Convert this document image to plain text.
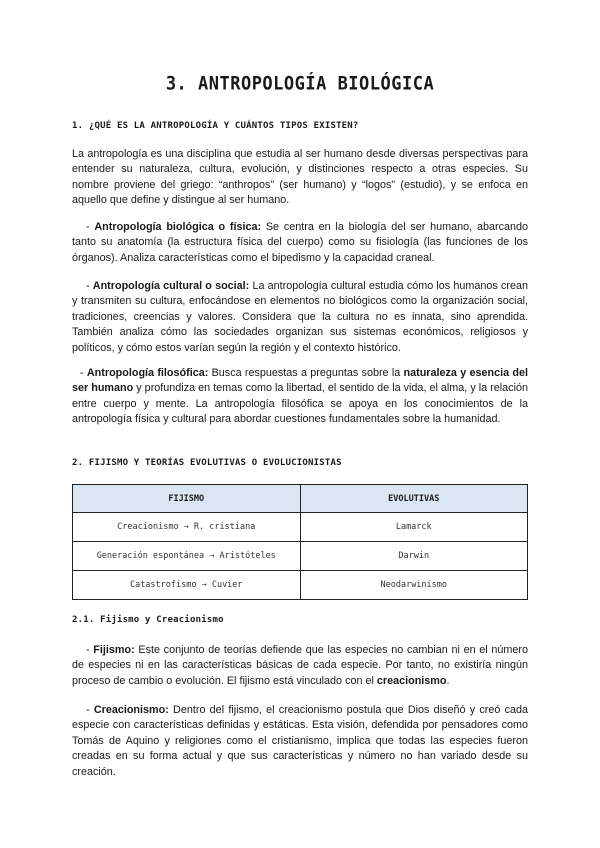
3. ANTROPOLOGÍA BIOLÓGICA
1. ¿QUÉ ES LA ANTROPOLOGÍA Y CUÁNTOS TIPOS EXISTEN?

La antropología es una disciplina que estudia al ser humano desde diversas perspectivas para entender su naturaleza, cultura, evolución, y distinciones respecto a otras especies. Su nombre proviene del griego: “anthropos” (ser humano) y “logos” (estudio), y se enfoca en aquello que define y distingue al ser humano.

- Antropología biológica o física: Se centra en la biología del ser humano, abarcando tanto su anatomía (la estructura física del cuerpo) como su fisiología (las funciones de los órganos). Analiza características como el bipedismo y la capacidad craneal.

- Antropología cultural o social: La antropología cultural estudia cómo los humanos crean y transmiten su cultura, enfocándose en elementos no biológicos como la organización social, tradiciones, creencias y valores. Considera que la cultura no es innata, sino aprendida. También analiza cómo las sociedades organizan sus sistemas económicos, religiosos y políticos, y cómo estos varían según la región y el contexto histórico.

- Antropología filosófica: Busca respuestas a preguntas sobre la naturaleza y esencia del ser humano y profundiza en temas como la libertad, el sentido de la vida, el alma, y la relación entre cuerpo y mente. La antropología filosófica se apoya en los conocimientos de la antropología física y cultural para abordar cuestiones fundamentales sobre la humanidad.

2. FIJISMO Y TEORÍAS EVOLUTIVAS O EVOLUCIONISTAS
FIJISMO	EVOLUTIVAS
Creacionismo → R. cristiana	Lamarck
Generación espontánea → Aristóteles	Darwin
Catastrofismo → Cuvier	Neodarwinismo
2.1. Fijismo y Creacionismo

- Fijismo: Este conjunto de teorías defiende que las especies no cambian ni en el número de especies ni en las características básicas de cada especie. Por tanto, no existiría ningún proceso de cambio o evolución. El fijismo está vinculado con el creacionismo.

- Creacionismo: Dentro del fijismo, el creacionismo postula que Dios diseñó y creó cada especie con características definidas y estáticas. Esta visión, defendida por pensadores como Tomás de Aquino y religiones como el cristianismo, implica que todas las especies fueron creadas en su forma actual y que sus características y número no han variado desde su creación.
